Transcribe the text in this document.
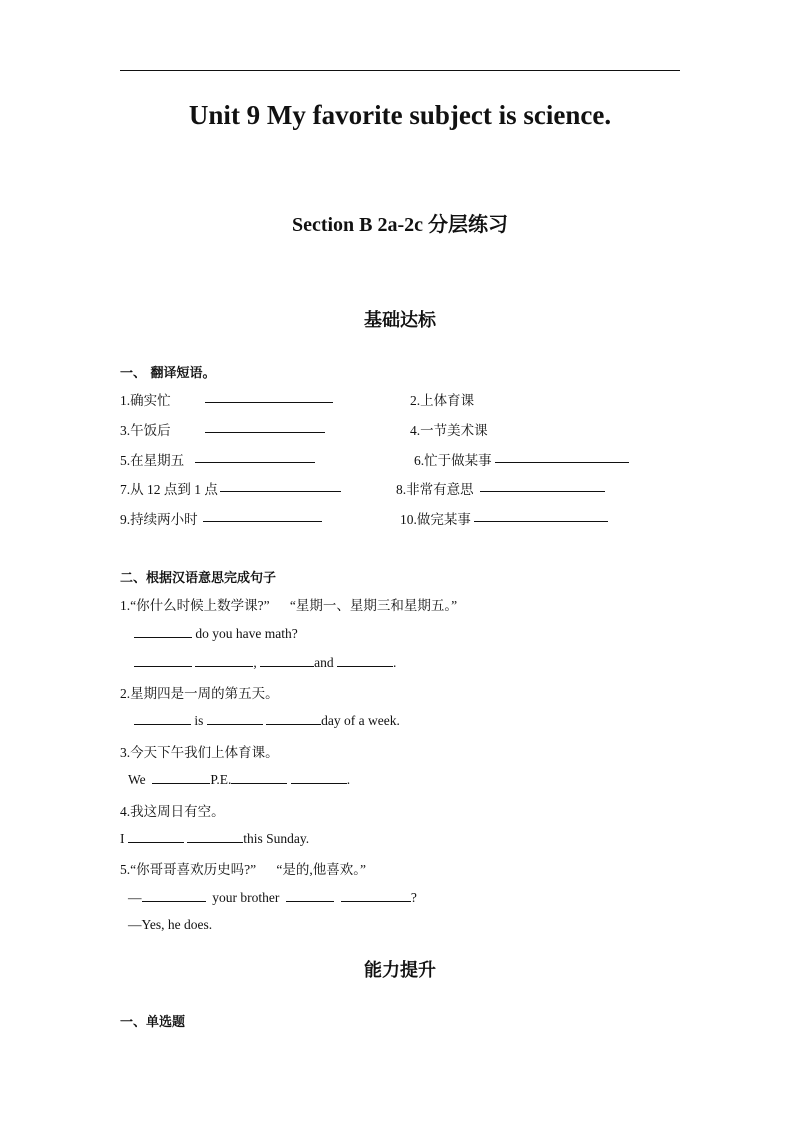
Unit 9 My favorite subject is science.
Section B 2a-2c 分层练习
基础达标
一、 翻译短语。
1.确实忙	2.上体育课
3.午饭后	4.一节美术课
5.在星期五	6.忙于做某事
7.从 12 点到 1 点	8.非常有意思
9.持续两小时	10.做完某事
二、根据汉语意思完成句子
1.“你什么时候上数学课?”      “星期一、星期三和星期五。”
do you have math?
,	and	.
2.星期四是一周的第五天。
is	day of a week.
3.今天下午我们上体育课。
We	P.E.	.
4.我这周日有空。
I	this Sunday.
5.“你哥哥喜欢历史吗?”      “是的,他喜欢。”
—	your brother	?
—Yes, he does.
能力提升
一、单选题
